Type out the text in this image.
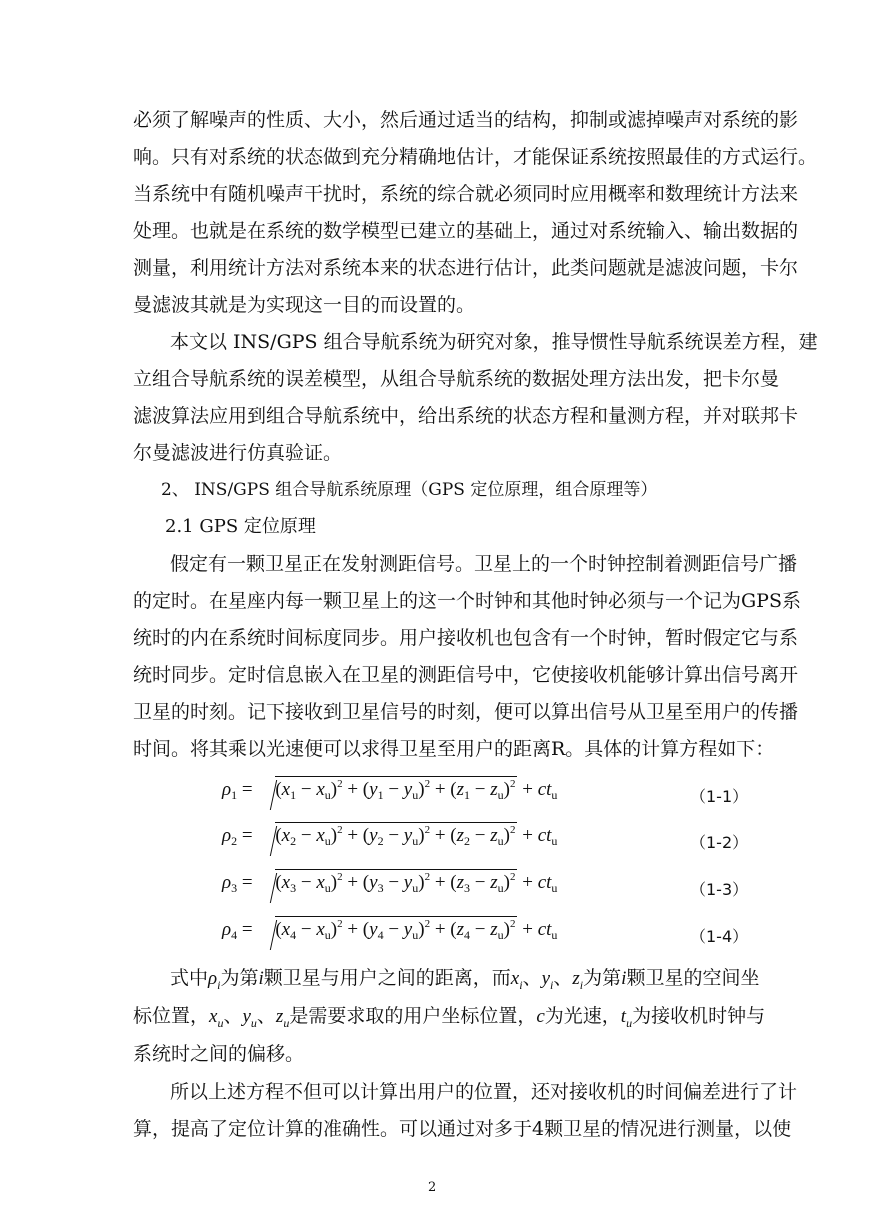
必须了解噪声的性质、大小，然后通过适当的结构，抑制或滤掉噪声对系统的影
响。只有对系统的状态做到充分精确地估计，才能保证系统按照最佳的方式运行。
当系统中有随机噪声干扰时，系统的综合就必须同时应用概率和数理统计方法来
处理。也就是在系统的数学模型已建立的基础上，通过对系统输入、输出数据的
测量，利用统计方法对系统本来的状态进行估计，此类问题就是滤波问题，卡尔
曼滤波其就是为实现这一目的而设置的。
本文以 INS/GPS 组合导航系统为研究对象，推导惯性导航系统误差方程，建
立组合导航系统的误差模型，从组合导航系统的数据处理方法出发，把卡尔曼
滤波算法应用到组合导航系统中，给出系统的状态方程和量测方程，并对联邦卡
尔曼滤波进行仿真验证。
2、 INS/GPS 组合导航系统原理（GPS 定位原理，组合原理等）
2.1 GPS 定位原理
假定有一颗卫星正在发射测距信号。卫星上的一个时钟控制着测距信号广播
的定时。在星座内每一颗卫星上的这一个时钟和其他时钟必须与一个记为GPS系
统时的内在系统时间标度同步。用户接收机也包含有一个时钟，暂时假定它与系
统时同步。定时信息嵌入在卫星的测距信号中，它使接收机能够计算出信号离开
卫星的时刻。记下接收到卫星信号的时刻，便可以算出信号从卫星至用户的传播
时间。将其乘以光速便可以求得卫星至用户的距离R。具体的计算方程如下：
$\rho_1 = (x_1 - x_u)^2 + (y_1 - y_u)^2 + (z_1 - z_u)^2 + ct_u$	（1-1）
$\rho_2 = (x_2 - x_u)^2 + (y_2 - y_u)^2 + (z_2 - z_u)^2 + ct_u$	（1-2）
$\rho_3 = (x_3 - x_u)^2 + (y_3 - y_u)^2 + (z_3 - z_u)^2 + ct_u$	（1-3）
$\rho_4 = (x_4 - x_u)^2 + (y_4 - y_u)^2 + (z_4 - z_u)^2 + ct_u$	（1-4）
式中$\rho_i$为第i颗卫星与用户之间的距离，而$x_i$、$y_i$、$z_i$为第i颗卫星的空间坐
标位置，$x_u$、$y_u$、$z_u$是需要求取的用户坐标位置，c为光速，$t_u$为接收机时钟与
系统时之间的偏移。
所以上述方程不但可以计算出用户的位置，还对接收机的时间偏差进行了计
算，提高了定位计算的准确性。可以通过对多于4颗卫星的情况进行测量，以使
2
